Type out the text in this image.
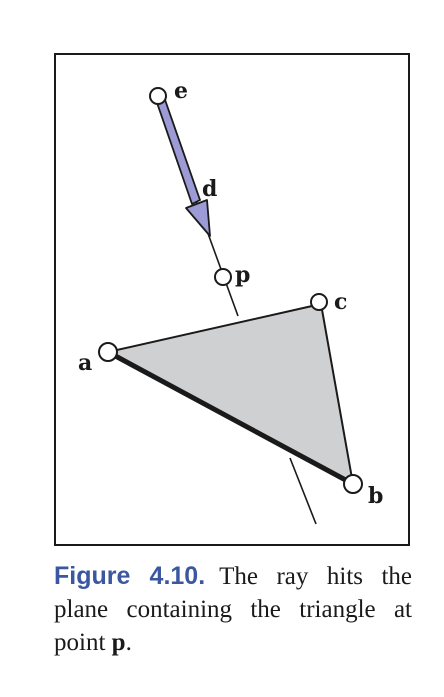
e
d
p
c
a
b
Figure 4.10. The ray hits the plane containing the triangle at point p.
